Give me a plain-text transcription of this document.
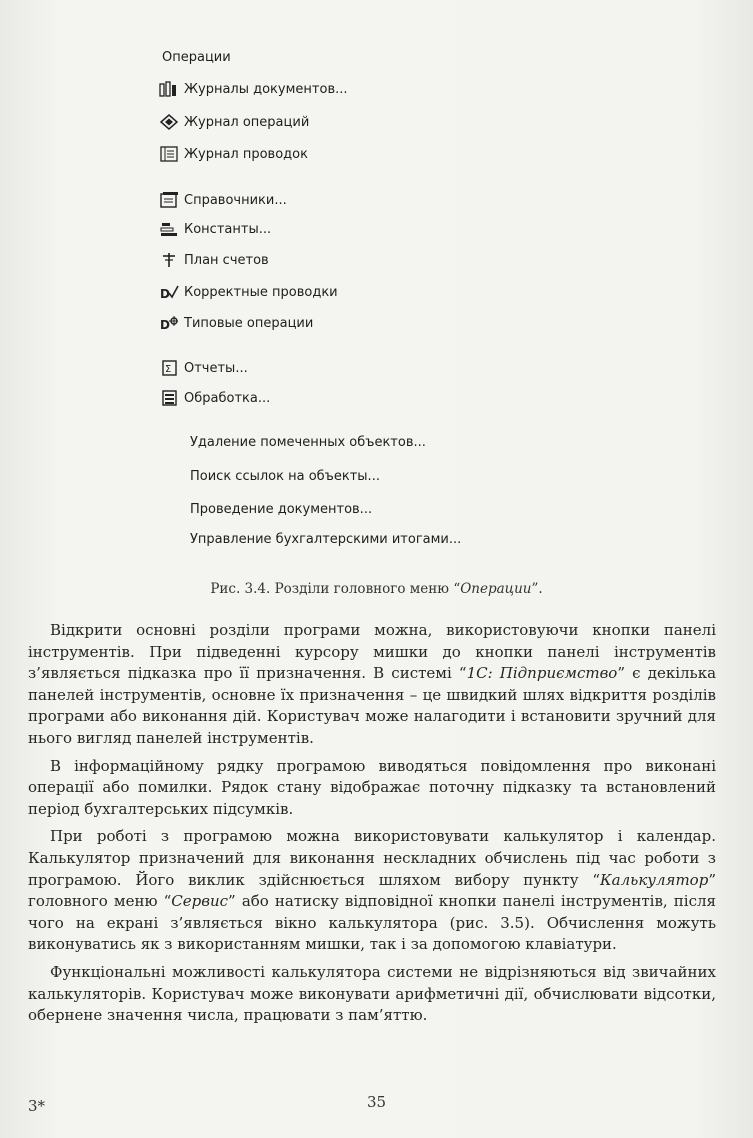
Операции
Журналы документов...
Журнал операций
Журнал проводок
Справочники...
Константы...
План счетов
D Корректные проводки
D Типовые операции
Σ Отчеты...
Обработка...
Удаление помеченных объектов...
Поиск ссылок на объекты...
Проведение документов...
Управление бухгалтерскими итогами...
Рис. 3.4. Розділи головного меню “Операции”.

Відкрити основні розділи програми можна, використовуючи кнопки панелі інструментів. При підведенні курсору мишки до кнопки панелі інструментів з’являється підказка про її призначення. В системі “1С: Підприємство” є декілька панелей інструментів, основне їх призначення – це швидкий шлях відкриття розділів програми або виконання дій. Користувач може налагодити і встановити зручний для нього вигляд панелей інструментів.

В інформаційному рядку програмою виводяться повідомлення про виконані операції або помилки. Рядок стану відображає поточну підказку та встановлений період бухгалтерських підсумків.

При роботі з програмою можна використовувати калькулятор і календар. Калькулятор призначений для виконання нескладних обчислень під час роботи з програмою. Його виклик здійснюється шляхом вибору пункту “Калькулятор” головного меню “Сервис” або натиску відповідної кнопки панелі інструментів, після чого на екрані з’являється вікно калькулятора (рис. 3.5). Обчислення можуть виконуватись як з використанням мишки, так і за допомогою клавіатури.

Функціональні можливості калькулятора системи не відрізняються від звичайних калькуляторів. Користувач може виконувати арифметичні дії, обчислювати відсотки, обернене значення числа, працювати з пам’яттю.

3*	35
